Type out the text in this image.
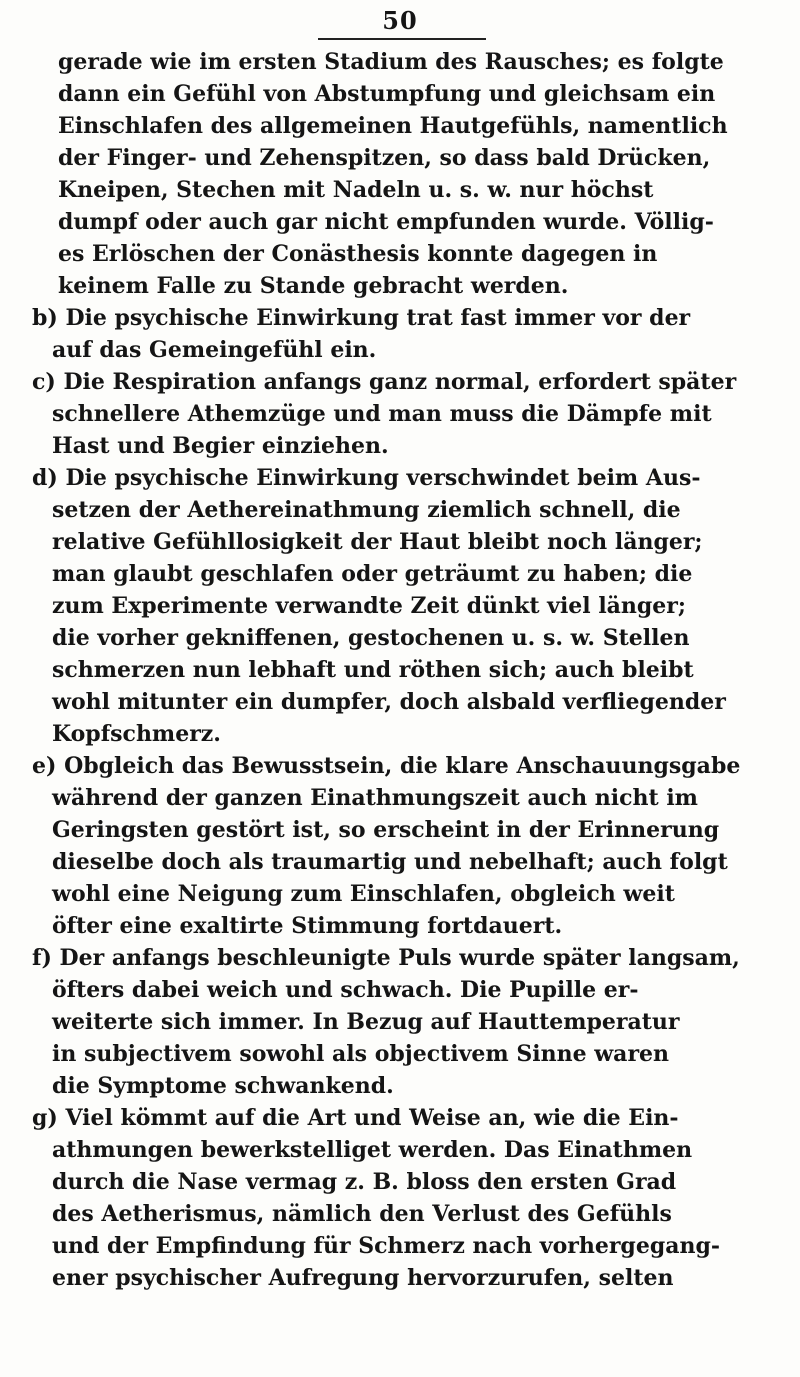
50
gerade wie im ersten Stadium des Rausches; es folgte
dann ein Gefühl von Abstumpfung und gleichsam ein
Einschlafen des allgemeinen Hautgefühls, namentlich
der Finger- und Zehenspitzen, so dass bald Drücken,
Kneipen, Stechen mit Nadeln u. s. w. nur höchst
dumpf oder auch gar nicht empfunden wurde. Völlig-
es Erlöschen der Conästhesis konnte dagegen in
keinem Falle zu Stande gebracht werden.
b) Die psychische Einwirkung trat fast immer vor der
auf das Gemeingefühl ein.
c) Die Respiration anfangs ganz normal, erfordert später
schnellere Athemzüge und man muss die Dämpfe mit
Hast und Begier einziehen.
d) Die psychische Einwirkung verschwindet beim Aus-
setzen der Aethereinathmung ziemlich schnell, die
relative Gefühllosigkeit der Haut bleibt noch länger;
man glaubt geschlafen oder geträumt zu haben; die
zum Experimente verwandte Zeit dünkt viel länger;
die vorher gekniffenen, gestochenen u. s. w. Stellen
schmerzen nun lebhaft und röthen sich; auch bleibt
wohl mitunter ein dumpfer, doch alsbald verfliegender
Kopfschmerz.
e) Obgleich das Bewusstsein, die klare Anschauungsgabe
während der ganzen Einathmungszeit auch nicht im
Geringsten gestört ist, so erscheint in der Erinnerung
dieselbe doch als traumartig und nebelhaft; auch folgt
wohl eine Neigung zum Einschlafen, obgleich weit
öfter eine exaltirte Stimmung fortdauert.
f) Der anfangs beschleunigte Puls wurde später langsam,
öfters dabei weich und schwach. Die Pupille er-
weiterte sich immer. In Bezug auf Hauttemperatur
in subjectivem sowohl als objectivem Sinne waren
die Symptome schwankend.
g) Viel kömmt auf die Art und Weise an, wie die Ein-
athmungen bewerkstelliget werden. Das Einathmen
durch die Nase vermag z. B. bloss den ersten Grad
des Aetherismus, nämlich den Verlust des Gefühls
und der Empfindung für Schmerz nach vorhergegang-
ener psychischer Aufregung hervorzurufen, selten
